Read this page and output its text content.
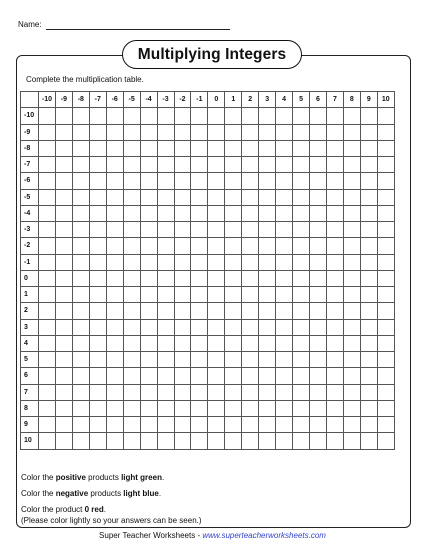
Name:
Multiplying Integers
Complete the multiplication table.
	-10	-9	-8	-7	-6	-5	-4	-3	-2	-1	0	1	2	3	4	5	6	7	8	9	10
-10																					
-9																					
-8																					
-7																					
-6																					
-5																					
-4																					
-3																					
-2																					
-1																					
0																					
1																					
2																					
3																					
4																					
5																					
6																					
7																					
8																					
9																					
10																					
Color the positive products light green.
Color the negative products light blue.
Color the product 0 red.
(Please color lightly so your answers can be seen.)
Super Teacher Worksheets - www.superteacherworksheets.com
